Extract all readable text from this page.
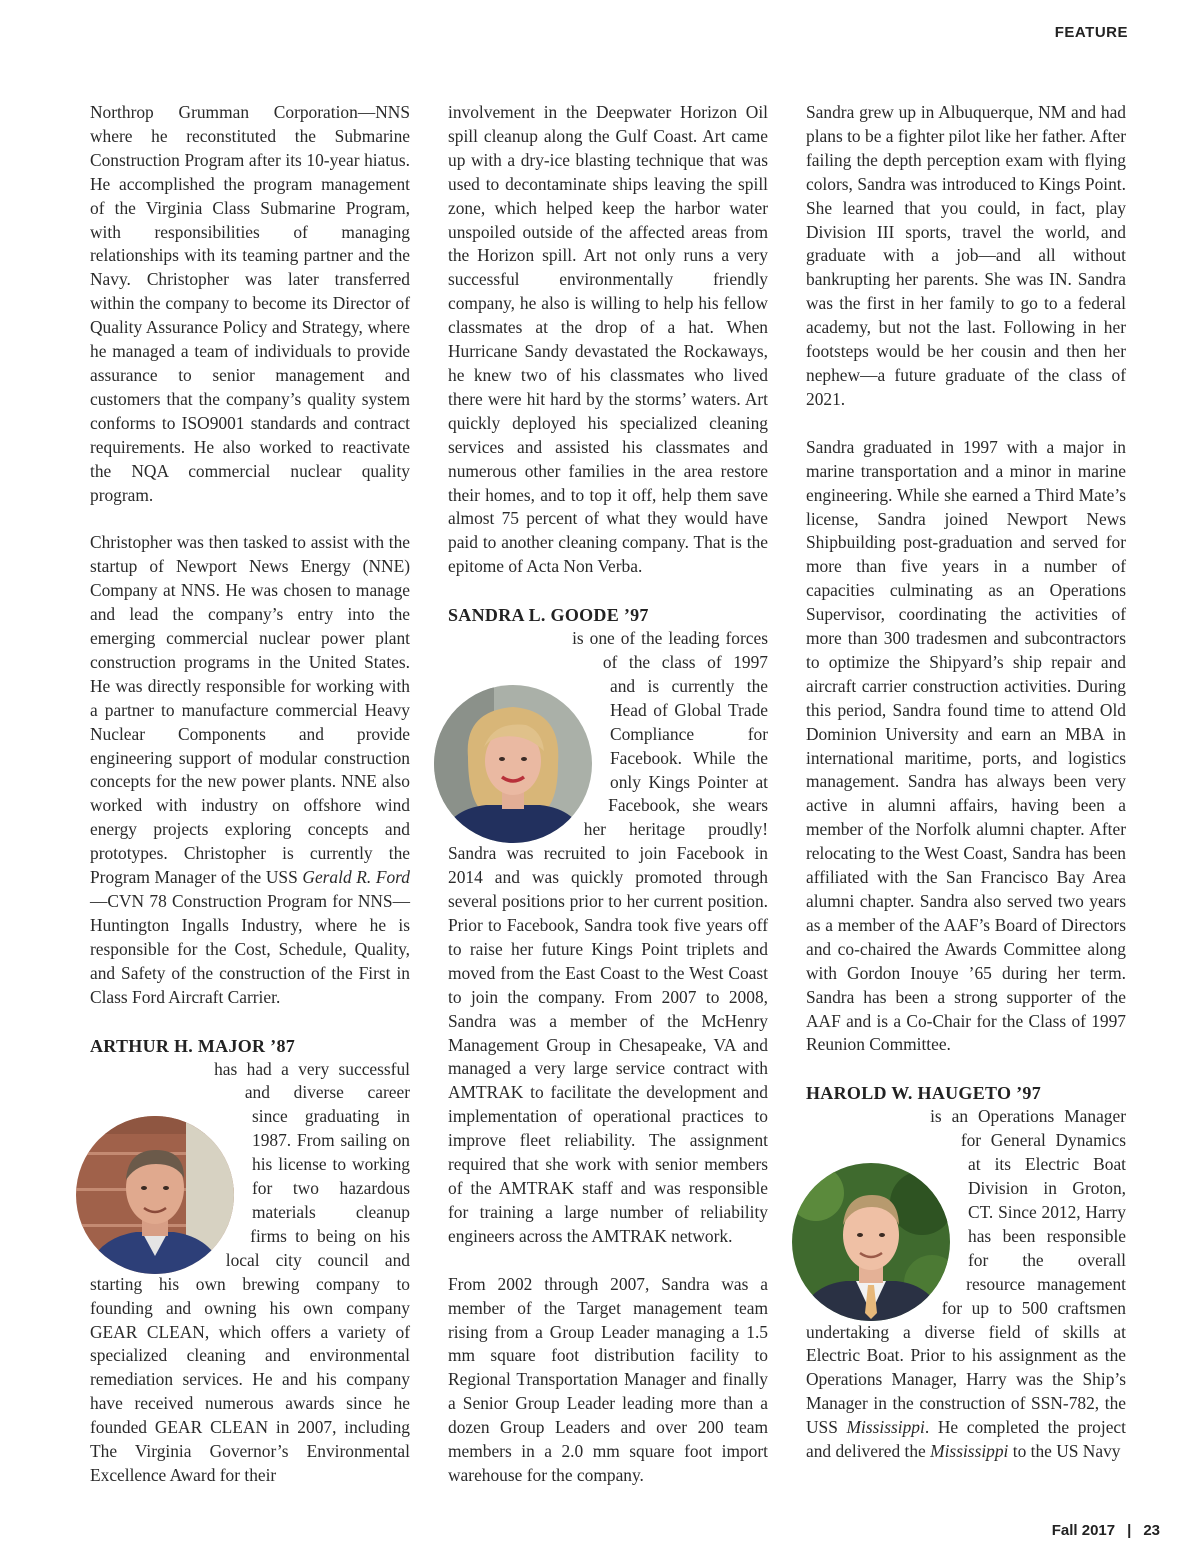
FEATURE

Northrop Grumman Corporation—NNS where he reconstituted the Submarine Construction Program after its 10-year hiatus. He accomplished the program management of the Virginia Class Submarine Program, with responsibilities of managing relationships with its teaming partner and the Navy. Christopher was later transferred within the company to become its Director of Quality Assurance Policy and Strategy, where he managed a team of individuals to provide assurance to senior management and customers that the company’s quality system conforms to ISO9001 standards and contract requirements. He also worked to reactivate the NQA commercial nuclear quality program.

Christopher was then tasked to assist with the startup of Newport News Energy (NNE) Company at NNS. He was chosen to manage and lead the company’s entry into the emerging commercial nuclear power plant construction programs in the United States. He was directly responsible for working with a partner to manufacture commercial Heavy Nuclear Components and provide engineering support of modular construction concepts for the new power plants. NNE also worked with industry on offshore wind energy projects exploring concepts and prototypes. Christopher is currently the Program Manager of the USS Gerald R. Ford—CVN 78 Construction Program for NNS—Huntington Ingalls Industry, where he is responsible for the Cost, Schedule, Quality, and Safety of the construction of the First in Class Ford Aircraft Carrier.

ARTHUR H. MAJOR ’87

has had a very successful and diverse career since graduating in 1987. From sailing on his license to working for two hazardous materials cleanup firms to being on his local city council and starting his own brewing company to founding and owning his own company GEAR CLEAN, which offers a variety of specialized cleaning and environmental remediation services. He and his company have received numerous awards since he founded GEAR CLEAN in 2007, including The Virginia Governor’s Environmental Excellence Award for their

involvement in the Deepwater Horizon Oil spill cleanup along the Gulf Coast. Art came up with a dry-ice blasting technique that was used to decontaminate ships leaving the spill zone, which helped keep the harbor water unspoiled outside of the affected areas from the Horizon spill. Art not only runs a very successful environmentally friendly company, he also is willing to help his fellow classmates at the drop of a hat. When Hurricane Sandy devastated the Rockaways, he knew two of his classmates who lived there were hit hard by the storms’ waters. Art quickly deployed his specialized cleaning services and assisted his classmates and numerous other families in the area restore their homes, and to top it off, help them save almost 75 percent of what they would have paid to another cleaning company. That is the epitome of Acta Non Verba.

SANDRA L. GOODE ’97

is one of the leading forces of the class of 1997 and is currently the Head of Global Trade Compliance for Facebook. While the only Kings Pointer at Facebook, she wears her heritage proudly! Sandra was recruited to join Facebook in 2014 and was quickly promoted through several positions prior to her current position. Prior to Facebook, Sandra took five years off to raise her future Kings Point triplets and moved from the East Coast to the West Coast to join the company. From 2007 to 2008, Sandra was a member of the McHenry Management Group in Chesapeake, VA and managed a very large service contract with AMTRAK to facilitate the development and implementation of operational practices to improve fleet reliability. The assignment required that she work with senior members of the AMTRAK staff and was responsible for training a large number of reliability engineers across the AMTRAK network.

From 2002 through 2007, Sandra was a member of the Target management team rising from a Group Leader managing a 1.5 mm square foot distribution facility to Regional Transportation Manager and finally a Senior Group Leader leading more than a dozen Group Leaders and over 200 team members in a 2.0 mm square foot import warehouse for the company.

Sandra grew up in Albuquerque, NM and had plans to be a fighter pilot like her father. After failing the depth perception exam with flying colors, Sandra was introduced to Kings Point. She learned that you could, in fact, play Division III sports, travel the world, and graduate with a job—and all without bankrupting her parents. She was IN. Sandra was the first in her family to go to a federal academy, but not the last. Following in her footsteps would be her cousin and then her nephew—a future graduate of the class of 2021.

Sandra graduated in 1997 with a major in marine transportation and a minor in marine engineering. While she earned a Third Mate’s license, Sandra joined Newport News Shipbuilding post-graduation and served for more than five years in a number of capacities culminating as an Operations Supervisor, coordinating the activities of more than 300 tradesmen and subcontractors to optimize the Shipyard’s ship repair and aircraft carrier construction activities. During this period, Sandra found time to attend Old Dominion University and earn an MBA in international maritime, ports, and logistics management. Sandra has always been very active in alumni affairs, having been a member of the Norfolk alumni chapter. After relocating to the West Coast, Sandra has been affiliated with the San Francisco Bay Area alumni chapter. Sandra also served two years as a member of the AAF’s Board of Directors and co-chaired the Awards Committee along with Gordon Inouye ’65 during her term. Sandra has been a strong supporter of the AAF and is a Co-Chair for the Class of 1997 Reunion Committee.

HAROLD W. HAUGETO ’97

is an Operations Manager for General Dynamics at its Electric Boat Division in Groton, CT. Since 2012, Harry has been responsible for the overall resource management for up to 500 craftsmen undertaking a diverse field of skills at Electric Boat. Prior to his assignment as the Operations Manager, Harry was the Ship’s Manager in the construction of SSN-782, the USS Mississippi. He completed the project and delivered the Mississippi to the US Navy

Fall 2017 | 23
